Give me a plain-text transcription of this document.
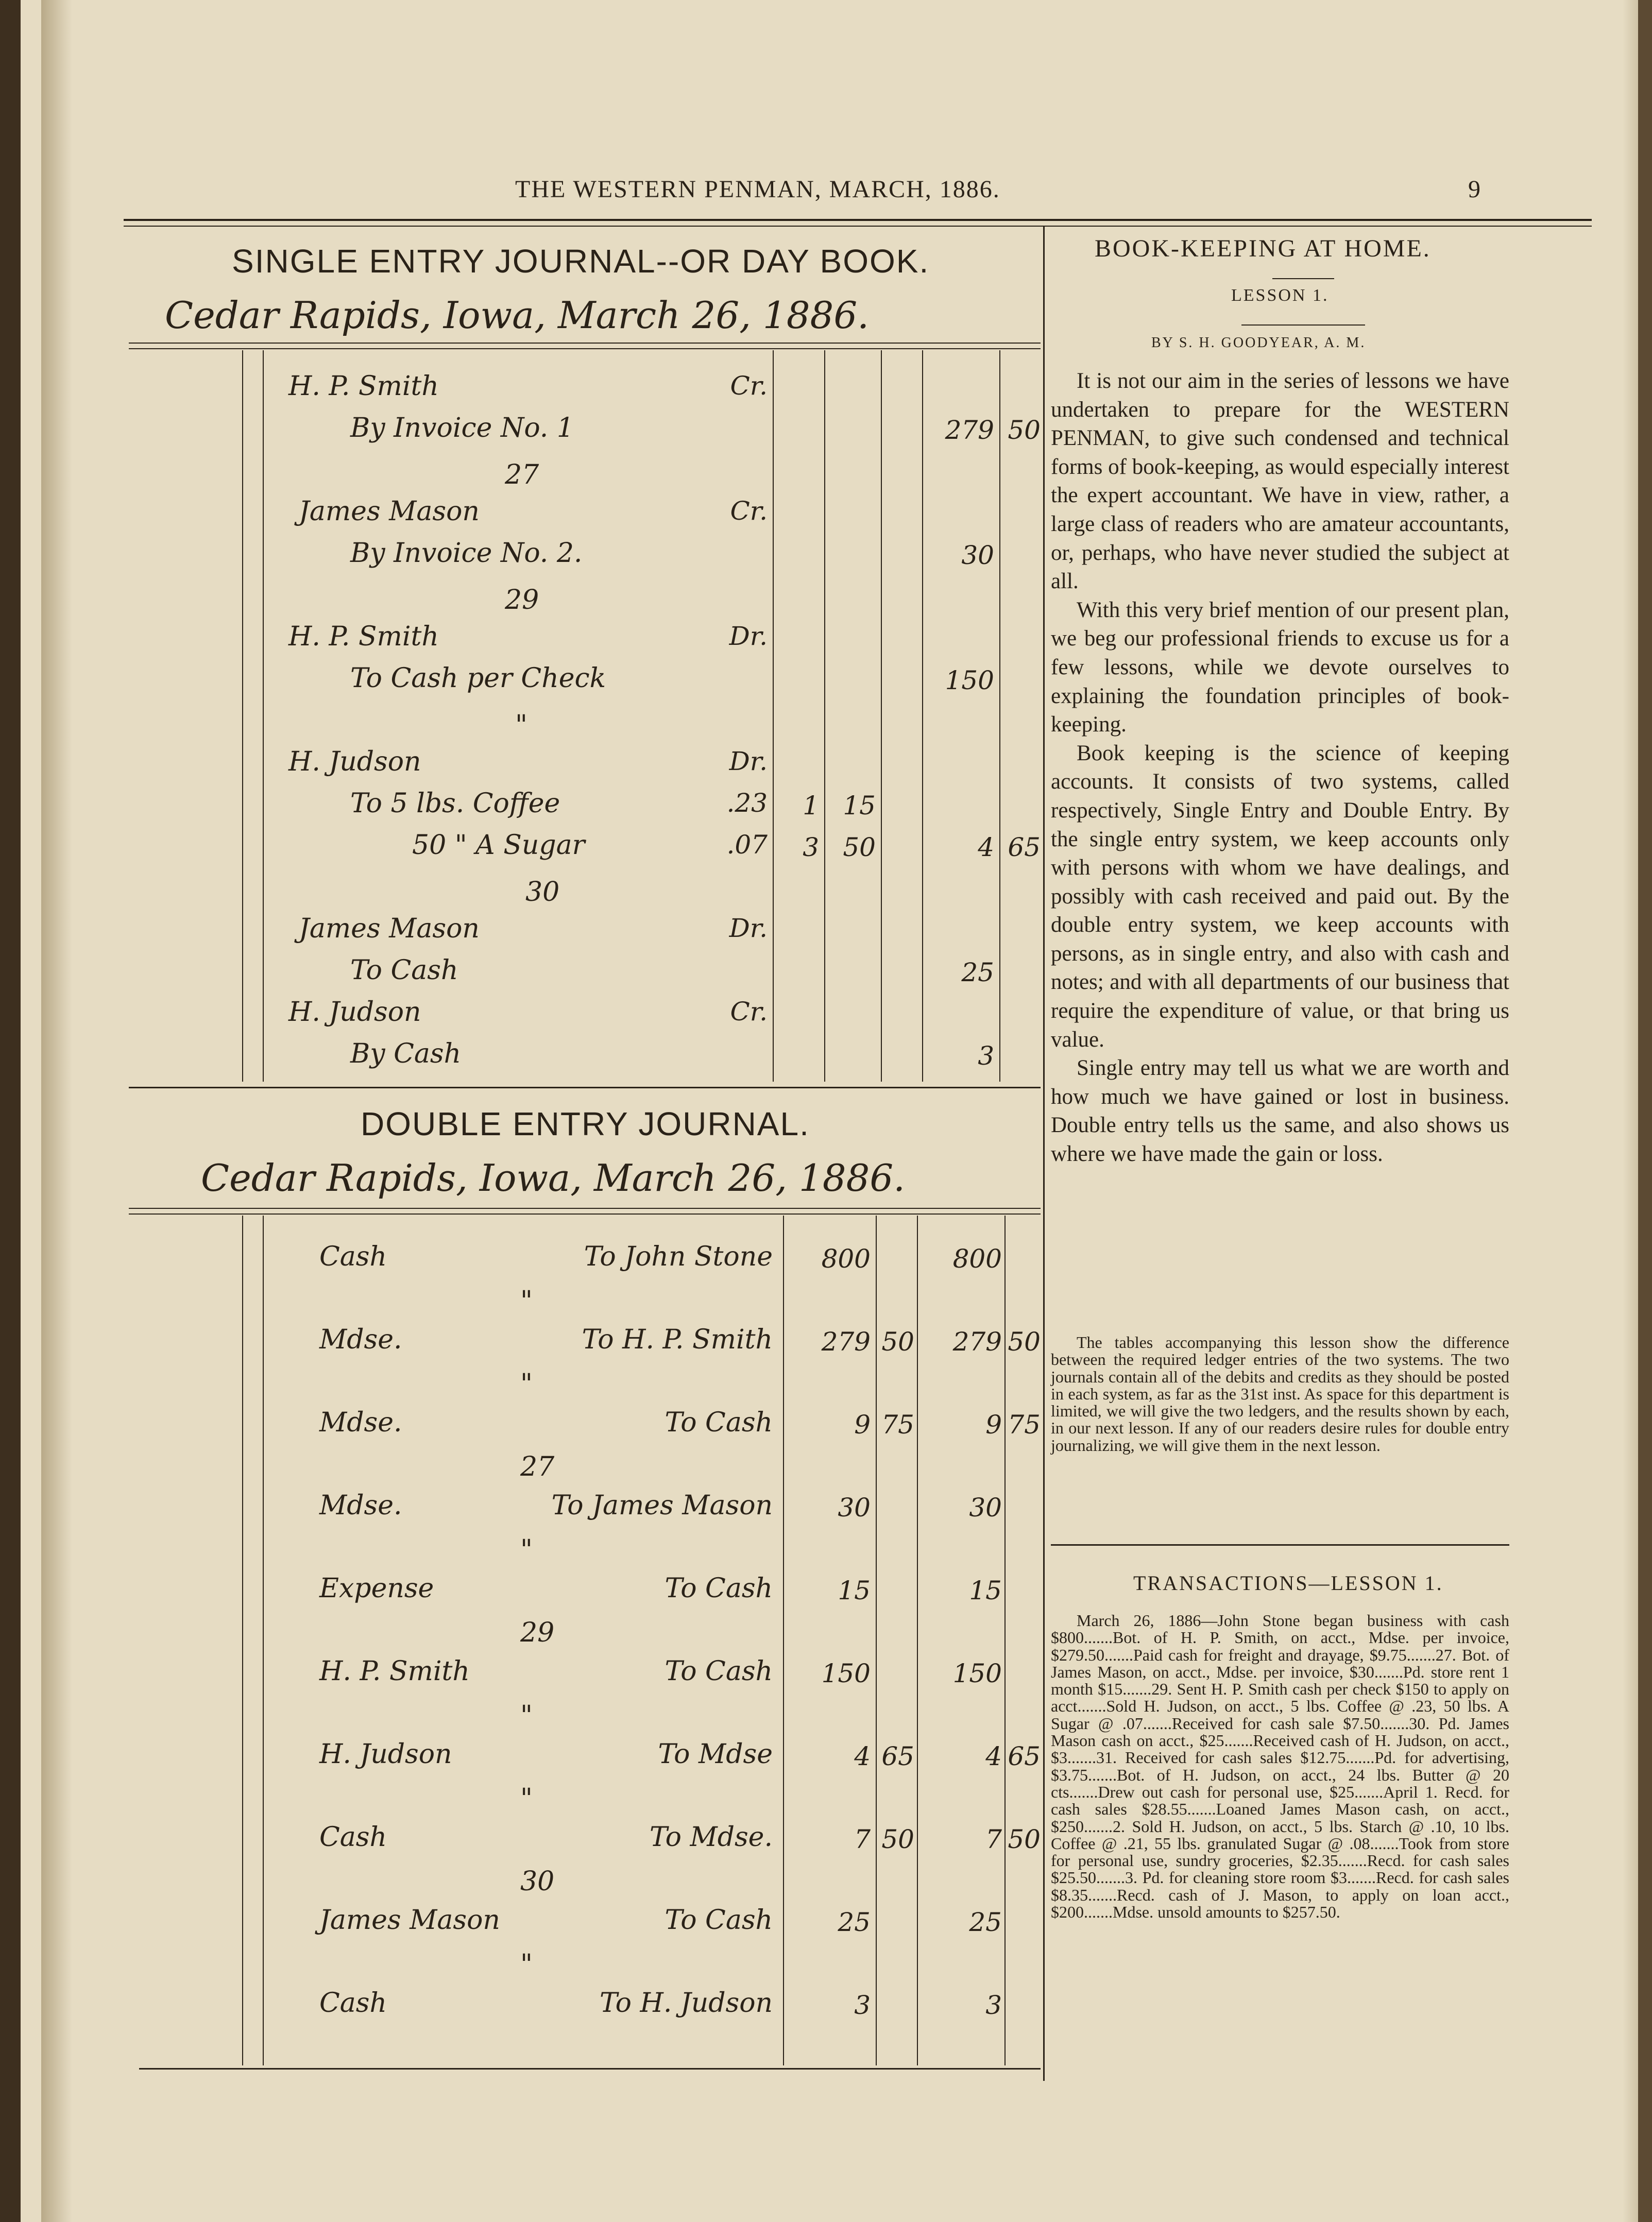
THE WESTERN PENMAN, MARCH, 1886.	9
SINGLE ENTRY JOURNAL--OR DAY BOOK.
Cedar Rapids, Iowa, March 26, 1886.
DOUBLE ENTRY JOURNAL.
Cedar Rapids, Iowa, March 26, 1886.
BOOK-KEEPING AT HOME.
LESSON 1.
BY S. H. GOODYEAR, A. M.

It is not our aim in the series of lessons we have undertaken to prepare for the WESTERN PENMAN, to give such condensed and technical forms of book-keeping, as would especially interest the expert accountant. We have in view, rather, a large class of readers who are amateur accountants, or, perhaps, who have never studied the subject at all.

With this very brief mention of our present plan, we beg our professional friends to excuse us for a few lessons, while we devote ourselves to explaining the foundation principles of book-keeping.

Book keeping is the science of keeping accounts. It consists of two systems, called respectively, Single Entry and Double Entry. By the single entry system, we keep accounts only with persons with whom we have dealings, and possibly with cash received and paid out. By the double entry system, we keep accounts with persons, as in single entry, and also with cash and notes; and with all departments of our business that require the expenditure of value, or that bring us value.

Single entry may tell us what we are worth and how much we have gained or lost in business. Double entry tells us the same, and also shows us where we have made the gain or loss.

The tables accompanying this lesson show the difference between the required ledger entries of the two systems. The two journals contain all of the debits and credits as they should be posted in each system, as far as the 31st inst. As space for this department is limited, we will give the two ledgers, and the results shown by each, in our next lesson. If any of our readers desire rules for double entry journalizing, we will give them in the next lesson.

TRANSACTIONS—LESSON 1.

March 26, 1886—John Stone began business with cash $800.......Bot. of H. P. Smith, on acct., Mdse. per invoice, $279.50.......Paid cash for freight and drayage, $9.75.......27. Bot. of James Mason, on acct., Mdse. per invoice, $30.......Pd. store rent 1 month $15.......29. Sent H. P. Smith cash per check $150 to apply on acct.......Sold H. Judson, on acct., 5 lbs. Coffee @ .23, 50 lbs. A Sugar @ .07.......Received for cash sale $7.50.......30. Pd. James Mason cash on acct., $25.......Received cash of H. Judson, on acct., $3.......31. Received for cash sales $12.75.......Pd. for advertising, $3.75.......Bot. of H. Judson, on acct., 24 lbs. Butter @ 20 cts.......Drew out cash for personal use, $25.......April 1. Recd. for cash sales $28.55.......Loaned James Mason cash, on acct., $250.......2. Sold H. Judson, on acct., 5 lbs. Starch @ .10, 10 lbs. Coffee @ .21, 55 lbs. granulated Sugar @ .08.......Took from store for personal use, sundry groceries, $2.35.......Recd. for cash sales $25.50.......3. Pd. for cleaning store room $3.......Recd. for cash sales $8.35.......Recd. cash of J. Mason, to apply on loan acct., $200.......Mdse. unsold amounts to $257.50.

H. P. Smith	Cr.
By Invoice No. 1	279 50
27
James Mason	Cr.
By Invoice No. 2.	30
29
H. P. Smith	Dr.
To Cash per Check	150
"
H. Judson	Dr.
To 5 lbs. Coffee	.23	1 15
50 " A Sugar	.07	3 50	4 65
30
James Mason	Dr.
To Cash	25
H. Judson	Cr.
By Cash	3
Cash	To John Stone	800	800
"
Mdse.	To H. P. Smith	279 50	279 50
"
Mdse.	To Cash	9 75	9 75
27
Mdse.	To James Mason	30	30
"
Expense	To Cash	15	15
29
H. P. Smith	To Cash	150	150
"
H. Judson	To Mdse	4 65	4 65
"
Cash	To Mdse.	7 50	7 50
30
James Mason	To Cash	25	25
"
Cash	To H. Judson	3	3
